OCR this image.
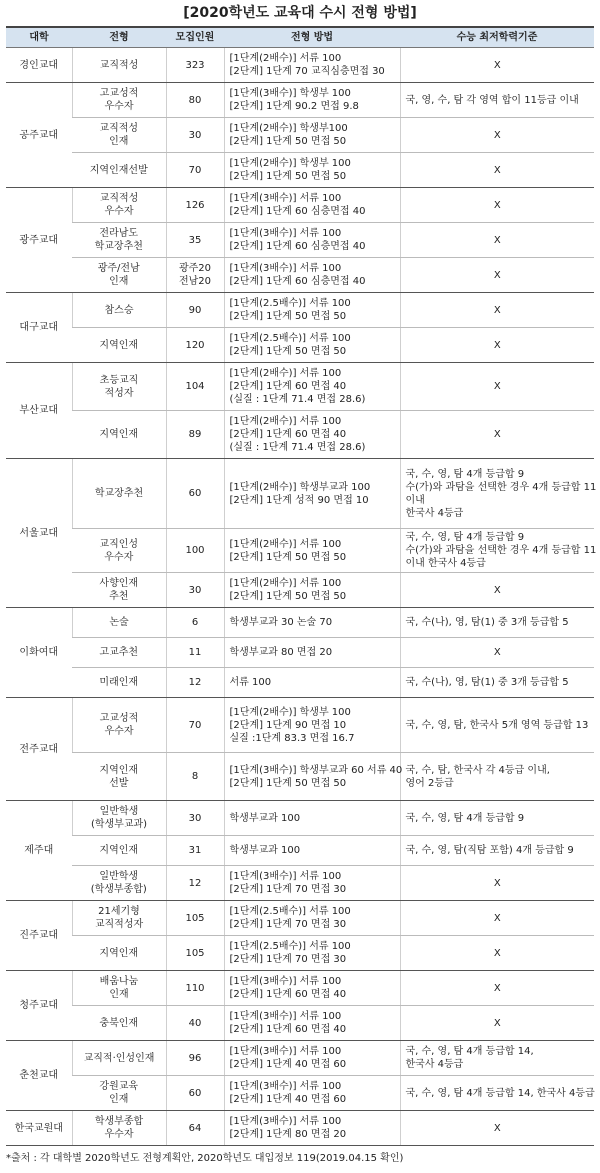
[2020학년도 교육대 수시 전형 방법]
대학	전형	모집인원	전형 방법	수능 최저학력기준
경인교대	교직적성	323	[1단계(2배수)] 서류 100
[2단계] 1단계 70 교직심층면접 30	X

공주교대	고교성적
우수자	80	[1단계(3배수)] 학생부 100
[2단계] 1단계 90.2 면접 9.8	국, 영, 수, 탐 각 영역 합이 11등급 이내

	교직적성
인재	30	[1단계(2배수)] 학생부100
[2단계] 1단계 50 면접 50	X

	지역인재선발	70	[1단계(2배수)] 학생부 100
[2단계] 1단계 50 면접 50	X

광주교대	교직적성
우수자	126	[1단계(3배수)] 서류 100
[2단계] 1단계 60 심층면접 40	X

	전라남도
학교장추천	35	[1단계(3배수)] 서류 100
[2단계] 1단계 60 심층면접 40	X

	광주/전남
인재	광주20
전남20	[1단계(3배수)] 서류 100
[2단계] 1단계 60 심층면접 40	X

대구교대	참스승	90	[1단계(2.5배수)] 서류 100
[2단계] 1단계 50 면접 50	X

	지역인재	120	[1단계(2.5배수)] 서류 100
[2단계] 1단계 50 면접 50	X

부산교대	초등교직
적성자	104	[1단계(2배수)] 서류 100
[2단계] 1단계 60 면접 40
(실질 : 1단계 71.4 면접 28.6)	X

	지역인재	89	[1단계(2배수)] 서류 100
[2단계] 1단계 60 면접 40
(실질 : 1단계 71.4 면접 28.6)	X

서울교대	학교장추천	60	[1단계(2배수)] 학생부교과 100
[2단계] 1단계 성적 90 면접 10	국, 수, 영, 탐 4개 등급합 9
수(가)와 과탐을 선택한 경우 4개 등급합 11
이내
한국사 4등급

	교직인성
우수자	100	[1단계(2배수)] 서류 100
[2단계] 1단계 50 면접 50	국, 수, 영, 탐 4개 등급합 9
수(가)와 과탐을 선택한 경우 4개 등급합 11
이내 한국사 4등급

	사향인재
추천	30	[1단계(2배수)] 서류 100
[2단계] 1단계 50 면접 50	X

이화여대	논술	6	학생부교과 30 논술 70	국, 수(나), 영, 탐(1) 중 3개 등급합 5

	고교추천	11	학생부교과 80 면접 20	X

	미래인재	12	서류 100	국, 수(나), 영, 탐(1) 중 3개 등급합 5

전주교대	고교성적
우수자	70	[1단계(2배수)] 학생부 100
[2단계] 1단계 90 면접 10
실질 :1단계 83.3 면접 16.7	국, 수, 영, 탐, 한국사 5개 영역 등급합 13

	지역인재
선발	8	[1단계(3배수)] 학생부교과 60 서류 40
[2단계] 1단계 50 면접 50	국, 수, 탐, 한국사 각 4등급 이내,
영어 2등급

제주대	일반학생
(학생부교과)	30	학생부교과 100	국, 수, 영, 탐 4개 등급합 9

	지역인재	31	학생부교과 100	국, 수, 영, 탐(직탐 포함) 4개 등급합 9

	일반학생
(학생부종합)	12	[1단계(3배수)] 서류 100
[2단계] 1단계 70 면접 30	X

진주교대	21세기형
교직적성자	105	[1단계(2.5배수)] 서류 100
[2단계] 1단계 70 면접 30	X

	지역인재	105	[1단계(2.5배수)] 서류 100
[2단계] 1단계 70 면접 30	X

청주교대	배움나눔
인재	110	[1단계(3배수)] 서류 100
[2단계] 1단계 60 면접 40	X

	충북인재	40	[1단계(3배수)] 서류 100
[2단계] 1단계 60 면접 40	X

춘천교대	교직적·인성인재	96	[1단계(3배수)] 서류 100
[2단계] 1단계 40 면접 60	국, 수, 영, 탐 4개 등급합 14,
한국사 4등급

	강원교육
인재	60	[1단계(3배수)] 서류 100
[2단계] 1단계 40 면접 60	국, 수, 영, 탐 4개 등급합 14, 한국사 4등급

한국교원대	학생부종합
우수자	64	[1단계(3배수)] 서류 100
[2단계] 1단계 80 면접 20	X
*출처 : 각 대학별 2020학년도 전형계획안, 2020학년도 대입정보 119(2019.04.15 확인)
